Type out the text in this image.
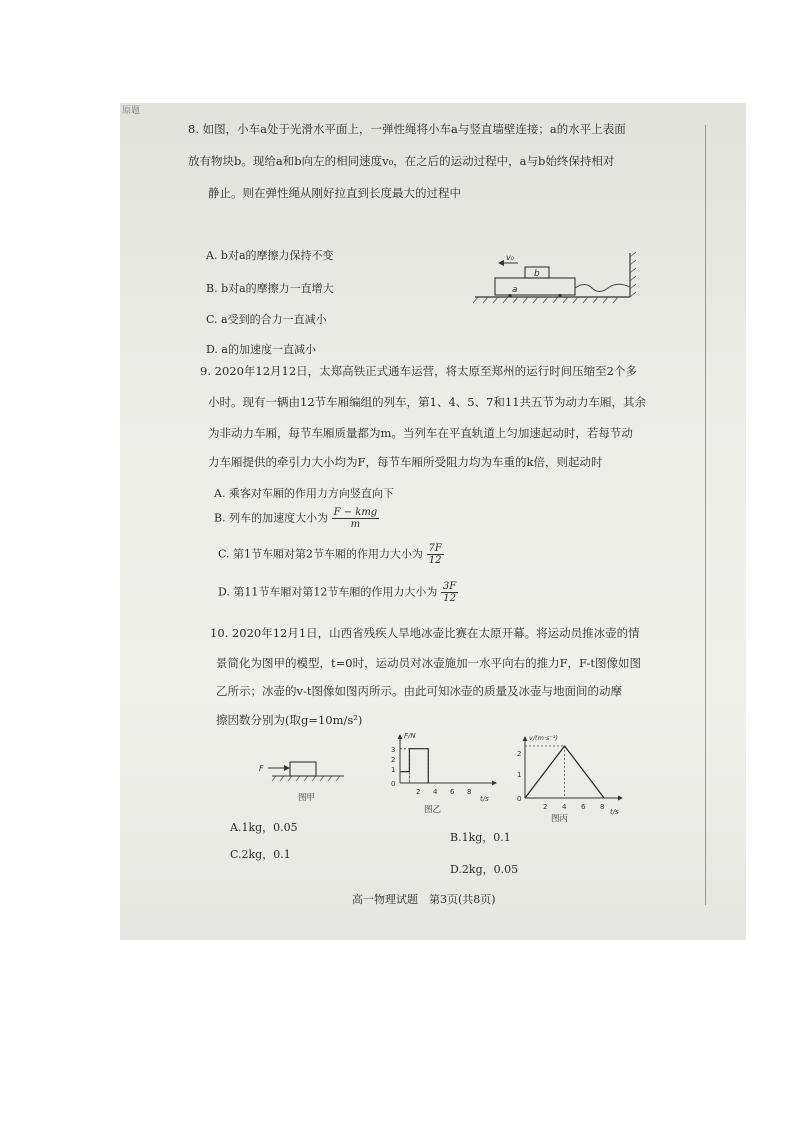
原题
8. 如图，小车a处于光滑水平面上，一弹性绳将小车a与竖直墙壁连接；a的水平上表面
放有物块b。现给a和b向左的相同速度v₀，在之后的运动过程中，a与b始终保持相对
静止。则在弹性绳从刚好拉直到长度最大的过程中
A. b对a的摩擦力保持不变
B. b对a的摩擦力一直增大
C. a受到的合力一直减小
D. a的加速度一直减小
v₀
a
b
9. 2020年12月12日，太郑高铁正式通车运营，将太原至郑州的运行时间压缩至2个多
小时。现有一辆由12节车厢编组的列车，第1、4、5、7和11共五节为动力车厢，其余
为非动力车厢，每节车厢质量都为m。当列车在平直轨道上匀加速起动时，若每节动
力车厢提供的牵引力大小均为F，每节车厢所受阻力均为车重的k倍，则起动时
A. 乘客对车厢的作用力方向竖直向下
B. 列车的加速度大小为 $\frac{\text{F − kmg}}{m}$
C. 第1节车厢对第2节车厢的作用力大小为 $\frac{7F}{12}$
D. 第11节车厢对第12节车厢的作用力大小为 $\frac{3F}{12}$
10. 2020年12月1日，山西省残疾人旱地冰壶比赛在太原开幕。将运动员推冰壶的情
景简化为图甲的模型，t=0时，运动员对冰壶施加一水平向右的推力F，F-t图像如图
乙所示；冰壶的v-t图像如图丙所示。由此可知冰壶的质量及冰壶与地面间的动摩
擦因数分别为(取g=10m/s²)
F
图甲
F/N
t/s
3
2
1
0
2 4 6 8
图乙
v/(m·s⁻¹)
t/s
2
1
0
2 4 6 8
图丙
A.1kg，0.05
B.1kg，0.1
C.2kg，0.1
D.2kg，0.05
高一物理试题　第3页(共8页)
